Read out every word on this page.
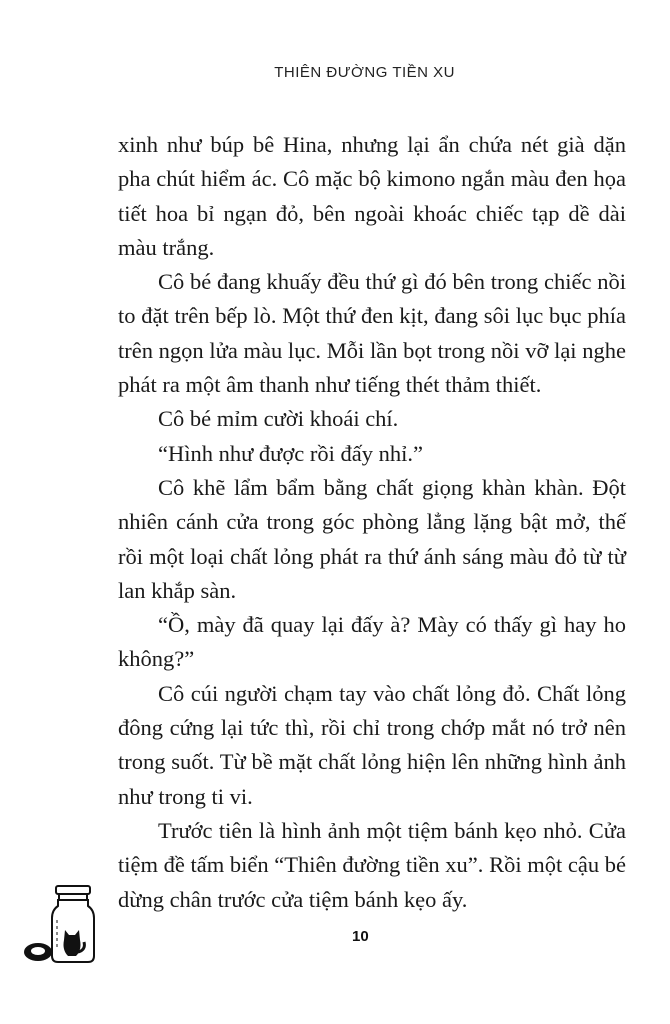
THIÊN ĐƯỜNG TIỀN XU

xinh như búp bê Hina, nhưng lại ẩn chứa nét già dặn pha chút hiểm ác. Cô mặc bộ kimono ngắn màu đen họa tiết hoa bỉ ngạn đỏ, bên ngoài khoác chiếc tạp dề dài màu trắng.

Cô bé đang khuấy đều thứ gì đó bên trong chiếc nồi to đặt trên bếp lò. Một thứ đen kịt, đang sôi lục bục phía trên ngọn lửa màu lục. Mỗi lần bọt trong nồi vỡ lại nghe phát ra một âm thanh như tiếng thét thảm thiết.

Cô bé mỉm cười khoái chí.

“Hình như được rồi đấy nhỉ.”

Cô khẽ lẩm bẩm bằng chất giọng khàn khàn. Đột nhiên cánh cửa trong góc phòng lẳng lặng bật mở, thế rồi một loại chất lỏng phát ra thứ ánh sáng màu đỏ từ từ lan khắp sàn.

“Ồ, mày đã quay lại đấy à? Mày có thấy gì hay ho không?”

Cô cúi người chạm tay vào chất lỏng đỏ. Chất lỏng đông cứng lại tức thì, rồi chỉ trong chớp mắt nó trở nên trong suốt. Từ bề mặt chất lỏng hiện lên những hình ảnh như trong ti vi.

Trước tiên là hình ảnh một tiệm bánh kẹo nhỏ. Cửa tiệm đề tấm biển “Thiên đường tiền xu”. Rồi một cậu bé dừng chân trước cửa tiệm bánh kẹo ấy.

10
